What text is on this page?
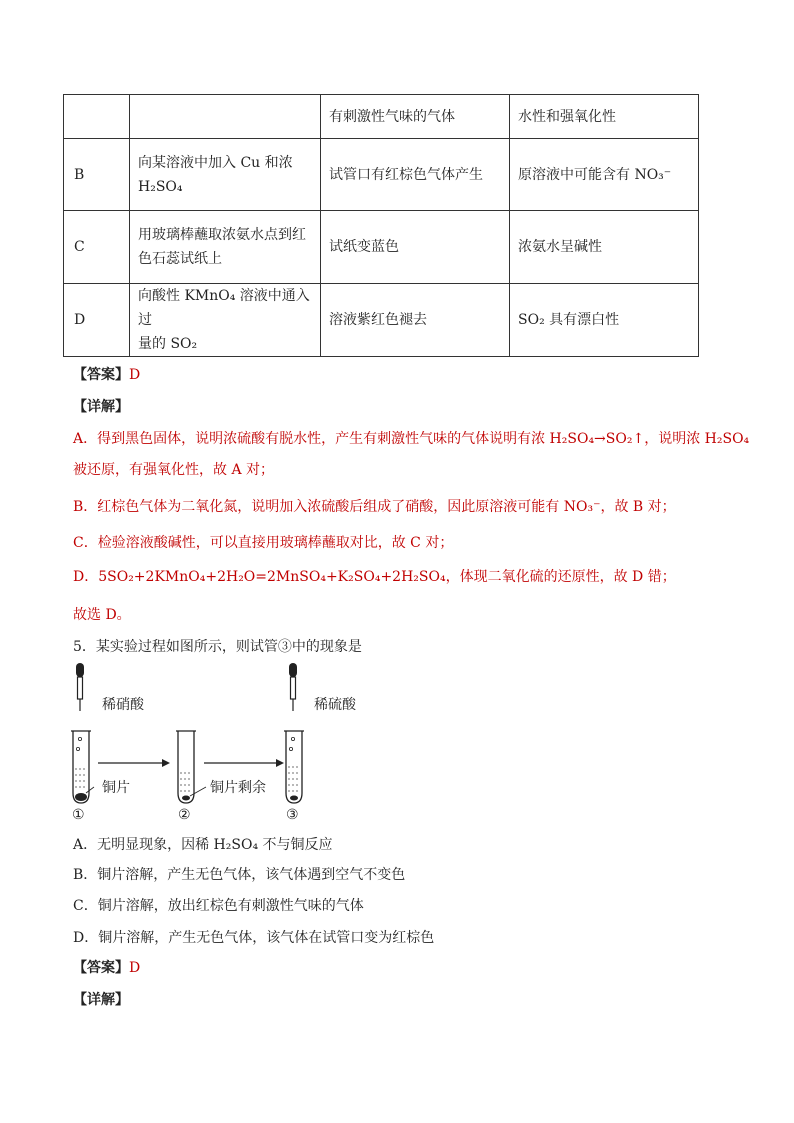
		有刺激性气味的气体	水性和强氧化性
B	向某溶液中加入 Cu 和浓
H₂SO₄	试管口有红棕色气体产生	原溶液中可能含有 NO₃⁻
C	用玻璃棒蘸取浓氨水点到红
色石蕊试纸上	试纸变蓝色	浓氨水呈碱性
D	向酸性 KMnO₄ 溶液中通入过
量的 SO₂	溶液紫红色褪去	SO₂ 具有漂白性
【答案】D
【详解】
A．得到黑色固体，说明浓硫酸有脱水性，产生有刺激性气味的气体说明有浓 H₂SO₄→SO₂↑，说明浓 H₂SO₄
被还原，有强氧化性，故 A 对；
B．红棕色气体为二氧化氮，说明加入浓硫酸后组成了硝酸，因此原溶液可能有 NO₃⁻，故 B 对；
C．检验溶液酸碱性，可以直接用玻璃棒蘸取对比，故 C 对；
D．5SO₂+2KMnO₄+2H₂O=2MnSO₄+K₂SO₄+2H₂SO₄，体现二氧化硫的还原性，故 D 错；
故选 D。
5．某实验过程如图所示，则试管③中的现象是
稀硝酸	稀硫酸
铜片	铜片剩余
①	②	③
A．无明显现象，因稀 H₂SO₄ 不与铜反应
B．铜片溶解，产生无色气体，该气体遇到空气不变色
C．铜片溶解，放出红棕色有刺激性气味的气体
D．铜片溶解，产生无色气体，该气体在试管口变为红棕色
【答案】D
【详解】
